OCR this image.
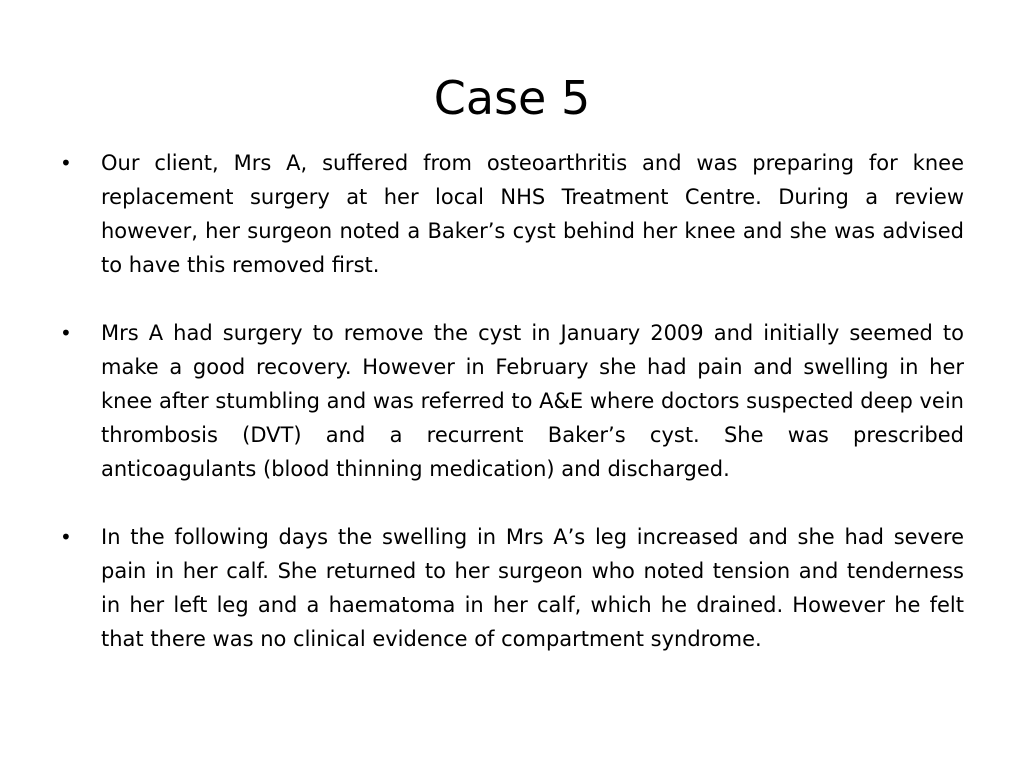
Case 5
•	Our client, Mrs A, suffered from osteoarthritis and was preparing for knee replacement surgery at her local NHS Treatment Centre. During a review however, her surgeon noted a Baker’s cyst behind her knee and she was advised to have this removed first.
•	Mrs A had surgery to remove the cyst in January 2009 and initially seemed to make a good recovery. However in February she had pain and swelling in her knee after stumbling and was referred to A&E where doctors suspected deep vein thrombosis (DVT) and a recurrent Baker’s cyst. She was prescribed anticoagulants (blood thinning medication) and discharged.
•	In the following days the swelling in Mrs A’s leg increased and she had severe pain in her calf. She returned to her surgeon who noted tension and tenderness in her left leg and a haematoma in her calf, which he drained. However he felt that there was no clinical evidence of compartment syndrome.
